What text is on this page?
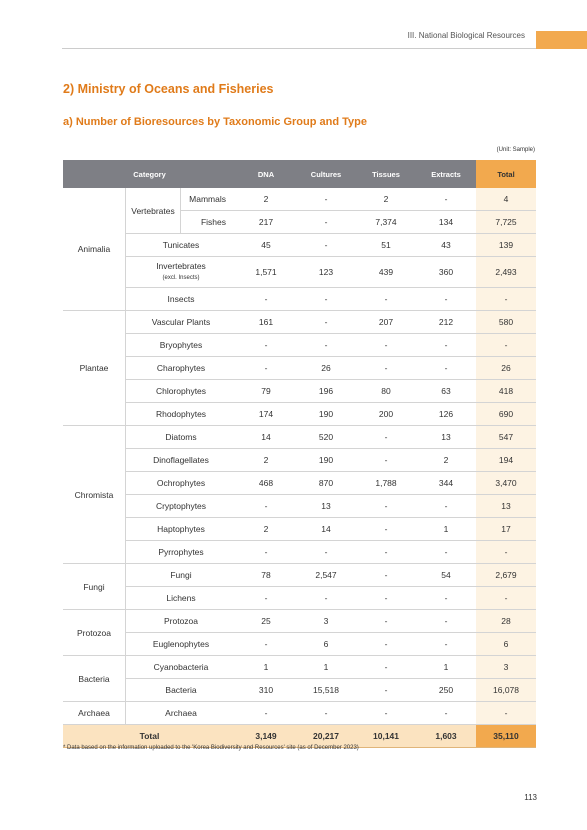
III. National Biological Resources
2) Ministry of Oceans and Fisheries
a) Number of Bioresources by Taxonomic Group and Type
(Unit: Sample)
Category			DNA	Cultures	Tissues	Extracts	Total
Animalia	Vertebrates	Mammals	2	-	2	-	4
		Fishes	217	-	7,374	134	7,725
	Tunicates		45	-	51	43	139
	Invertebrates
(excl. Insects)		1,571	123	439	360	2,493
	Insects		-	-	-	-	-
Plantae	Vascular Plants		161	-	207	212	580
	Bryophytes		-	-	-	-	-
	Charophytes		-	26	-	-	26
	Chlorophytes		79	196	80	63	418
	Rhodophytes		174	190	200	126	690
Chromista	Diatoms		14	520	-	13	547
	Dinoflagellates		2	190	-	2	194
	Ochrophytes		468	870	1,788	344	3,470
	Cryptophytes		-	13	-	-	13
	Haptophytes		2	14	-	1	17
	Pyrrophytes		-	-	-	-	-
Fungi	Fungi		78	2,547	-	54	2,679
	Lichens		-	-	-	-	-
Protozoa	Protozoa		25	3	-	-	28
	Euglenophytes		-	6	-	-	6
Bacteria	Cyanobacteria		1	1	-	1	3
	Bacteria		310	15,518	-	250	16,078
Archaea	Archaea		-	-	-	-	-
Total			3,149	20,217	10,141	1,603	35,110
* Data based on the information uploaded to the 'Korea Biodiversity and Resources' site (as of December 2023)
113
